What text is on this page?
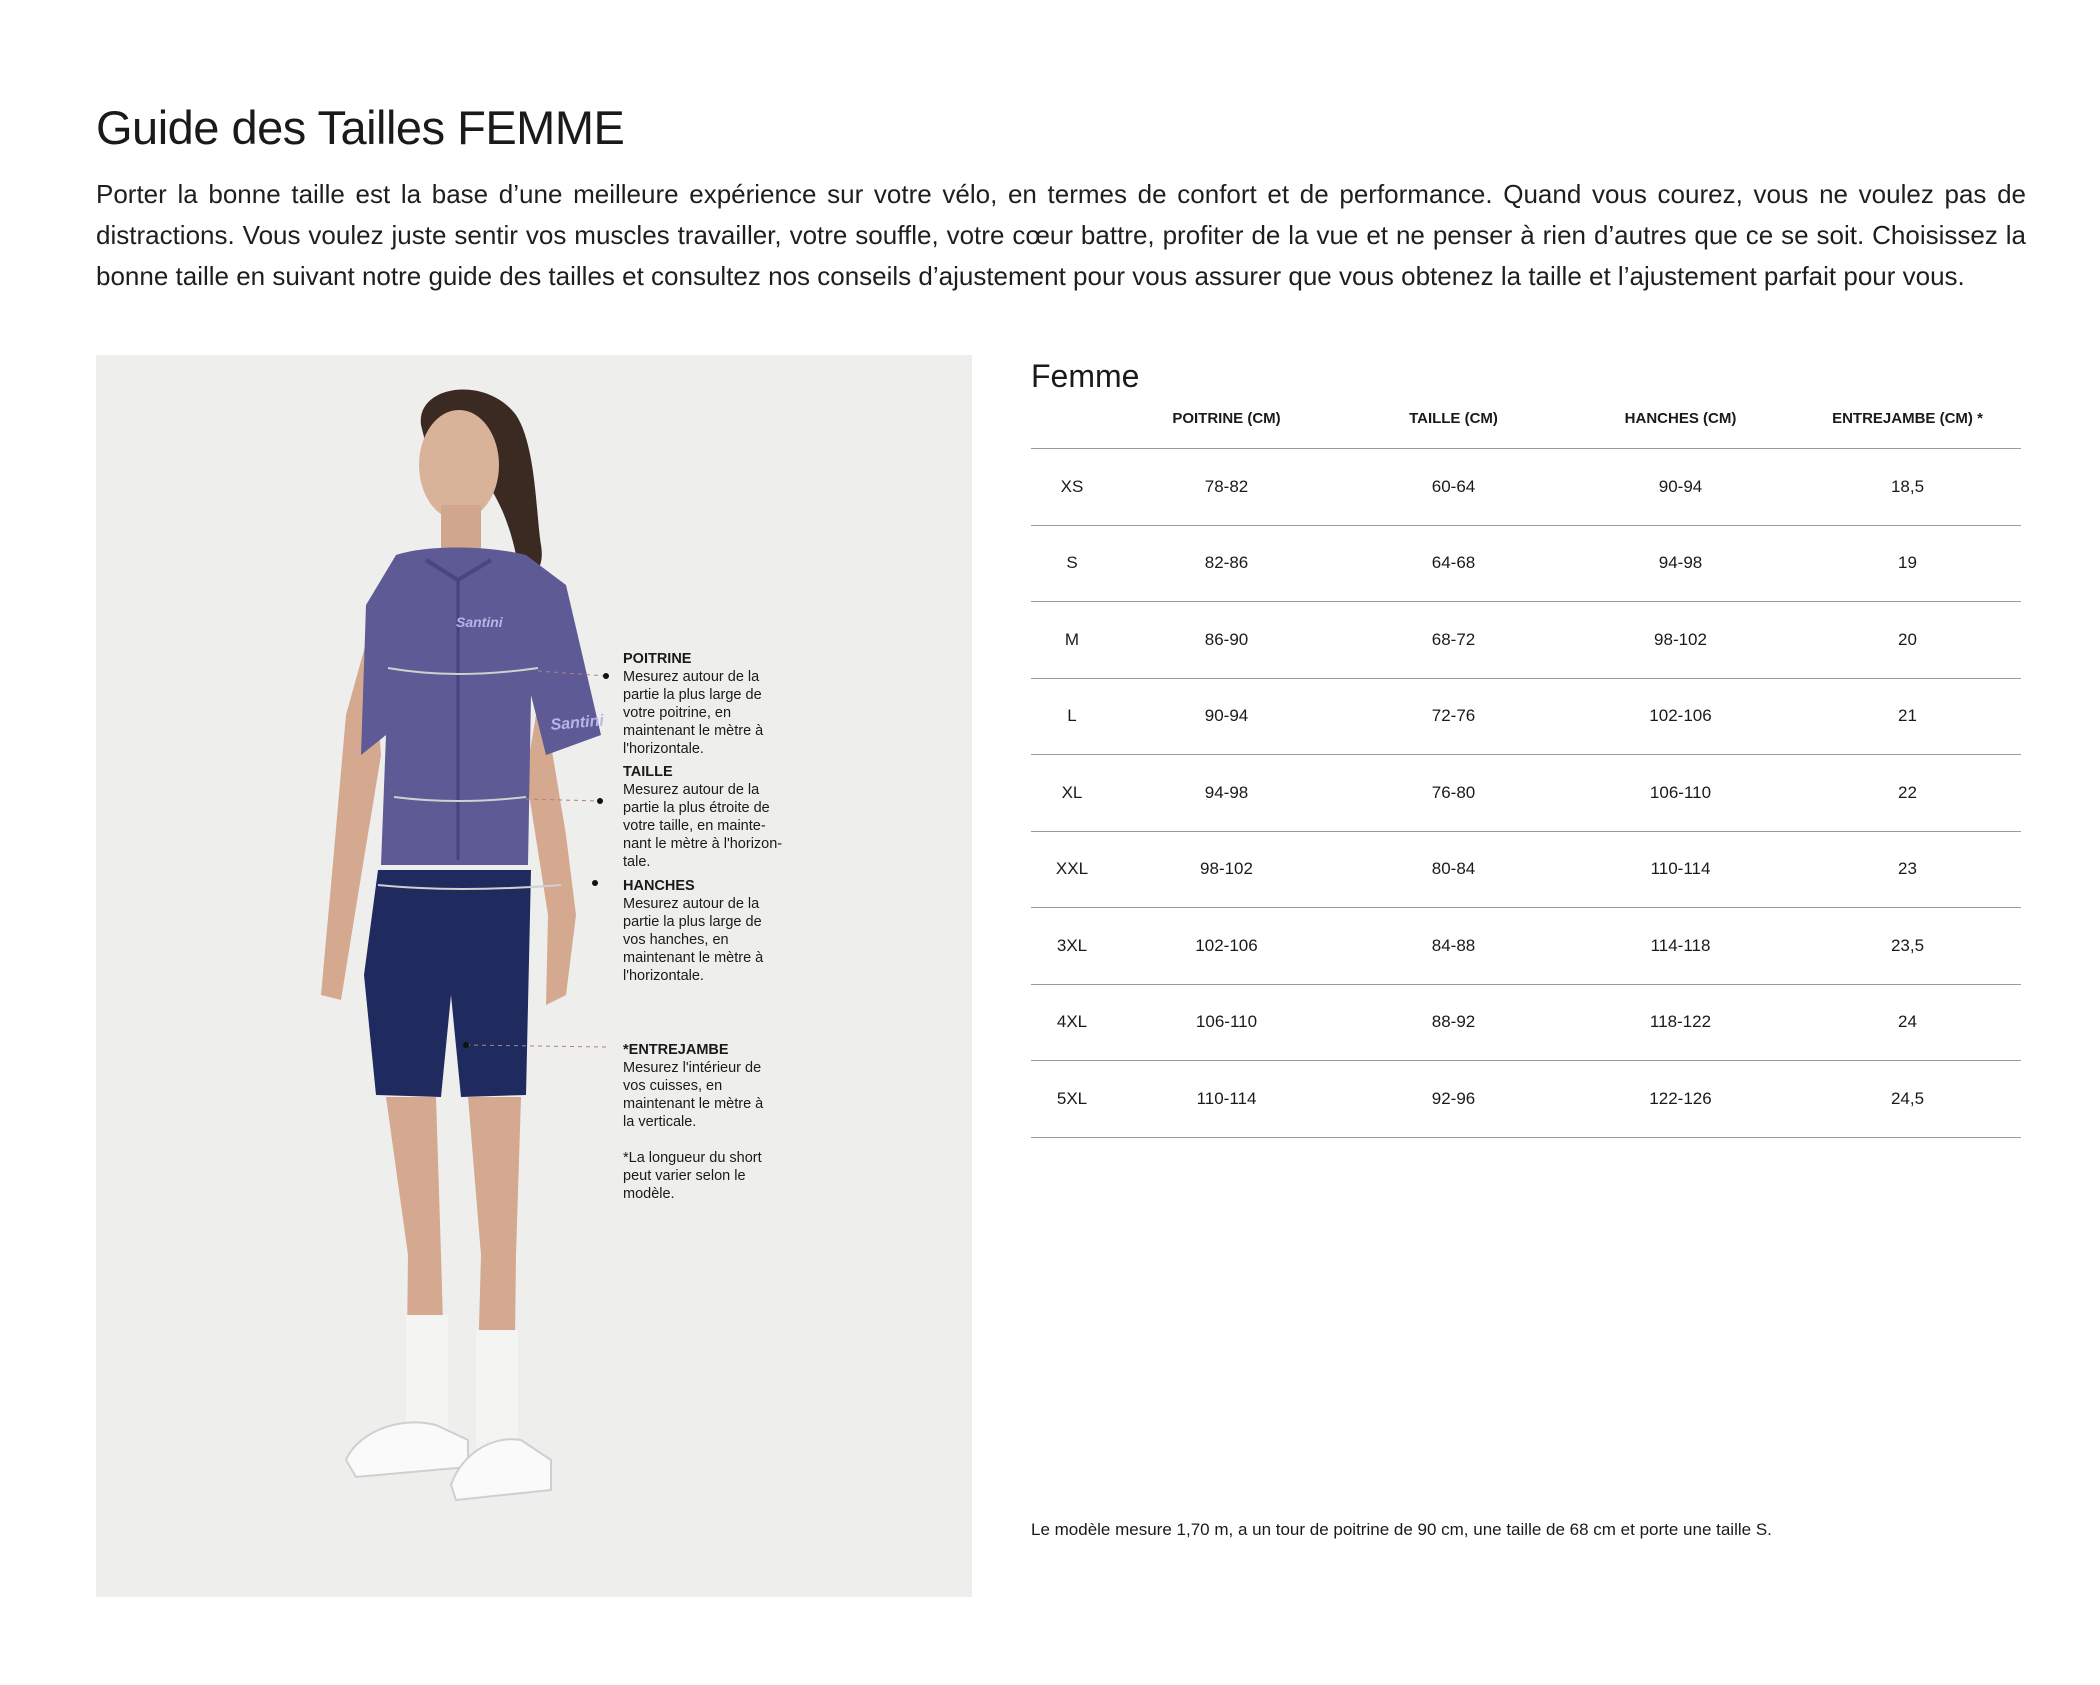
Guide des Tailles FEMME

Porter la bonne taille est la base d’une meilleure expérience sur votre vélo, en termes de confort et de performance. Quand vous courez, vous ne voulez pas de distractions. Vous voulez juste sentir vos muscles travailler, votre souffle, votre cœur battre, profiter de la vue et ne penser à rien d’autres que ce se soit. Choisissez la bonne taille en suivant notre guide des tailles et consultez nos conseils d’ajustement pour vous assurer que vous obtenez la taille et l’ajustement parfait pour vous.

Santini
Santini
POITRINE
Mesurez autour de la
partie la plus large de
votre poitrine, en
maintenant le mètre à
l'horizontale.
TAILLE
Mesurez autour de la
partie la plus étroite de
votre taille, en mainte-
nant le mètre à l'horizon-
tale.
HANCHES
Mesurez autour de la
partie la plus large de
vos hanches, en
maintenant le mètre à
l'horizontale.
*ENTREJAMBE
Mesurez l'intérieur de
vos cuisses, en
maintenant le mètre à
la verticale.
*La longueur du short
peut varier selon le
modèle.
Femme
	POITRINE (CM)	TAILLE (CM)	HANCHES (CM)	ENTREJAMBE (CM) *
XS	78-82	60-64	90-94	18,5
S	82-86	64-68	94-98	19
M	86-90	68-72	98-102	20
L	90-94	72-76	102-106	21
XL	94-98	76-80	106-110	22
XXL	98-102	80-84	110-114	23
3XL	102-106	84-88	114-118	23,5
4XL	106-110	88-92	118-122	24
5XL	110-114	92-96	122-126	24,5

Le modèle mesure 1,70 m, a un tour de poitrine de 90 cm, une taille de 68 cm et porte une taille S.
